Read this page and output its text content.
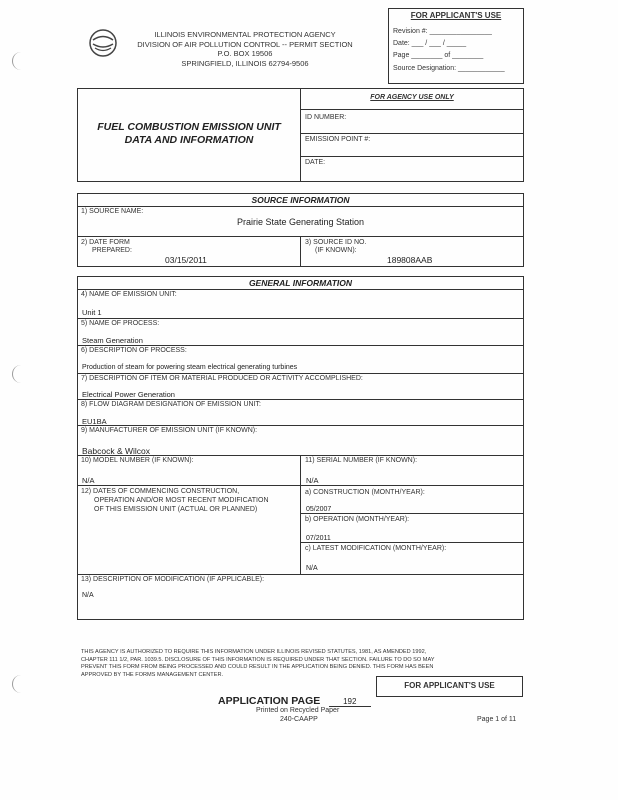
ILLINOIS ENVIRONMENTAL PROTECTION AGENCY
DIVISION OF AIR POLLUTION CONTROL -- PERMIT SECTION
P.O. BOX 19506
SPRINGFIELD, ILLINOIS 62794-9506
FOR APPLICANT'S USE
Revision #: ________________
Date: ___ / ___ / _____
Page ________ of ________
Source Designation: ____________
FUEL COMBUSTION EMISSION UNIT
DATA AND INFORMATION
FOR AGENCY USE ONLY
ID NUMBER:
EMISSION POINT #:
DATE:
SOURCE INFORMATION
1) SOURCE NAME:
Prairie State Generating Station
2) DATE FORM
PREPARED:
03/15/2011
3) SOURCE ID NO.
(IF KNOWN):
189808AAB
GENERAL INFORMATION
4) NAME OF EMISSION UNIT:
Unit 1
5) NAME OF PROCESS:
Steam Generation
6) DESCRIPTION OF PROCESS:
Production of steam for powering steam electrical generating turbines
7) DESCRIPTION OF ITEM OR MATERIAL PRODUCED OR ACTIVITY ACCOMPLISHED:
Electrical Power Generation
8) FLOW DIAGRAM DESIGNATION OF EMISSION UNIT:
EU1BA
9) MANUFACTURER OF EMISSION UNIT (IF KNOWN):
Babcock & Wilcox
10) MODEL NUMBER (IF KNOWN):
N/A
11) SERIAL NUMBER (IF KNOWN):
N/A
12) DATES OF COMMENCING CONSTRUCTION,
OPERATION AND/OR MOST RECENT MODIFICATION
OF THIS EMISSION UNIT (ACTUAL OR PLANNED)
a) CONSTRUCTION (MONTH/YEAR):
05/2007
b) OPERATION (MONTH/YEAR):
07/2011
c) LATEST MODIFICATION (MONTH/YEAR):
N/A
13) DESCRIPTION OF MODIFICATION (IF APPLICABLE):
N/A
THIS AGENCY IS AUTHORIZED TO REQUIRE THIS INFORMATION UNDER ILLINOIS REVISED STATUTES, 1981, AS AMENDED 1992,
CHAPTER 111 1/2, PAR. 1039.5. DISCLOSURE OF THIS INFORMATION IS REQUIRED UNDER THAT SECTION. FAILURE TO DO SO MAY
PREVENT THIS FORM FROM BEING PROCESSED AND COULD RESULT IN THE APPLICATION BEING DENIED. THIS FORM HAS BEEN
APPROVED BY THE FORMS MANAGEMENT CENTER.
FOR APPLICANT'S USE
APPLICATION PAGE	192
Printed on Recycled Paper
240-CAAPP	Page 1 of 11
